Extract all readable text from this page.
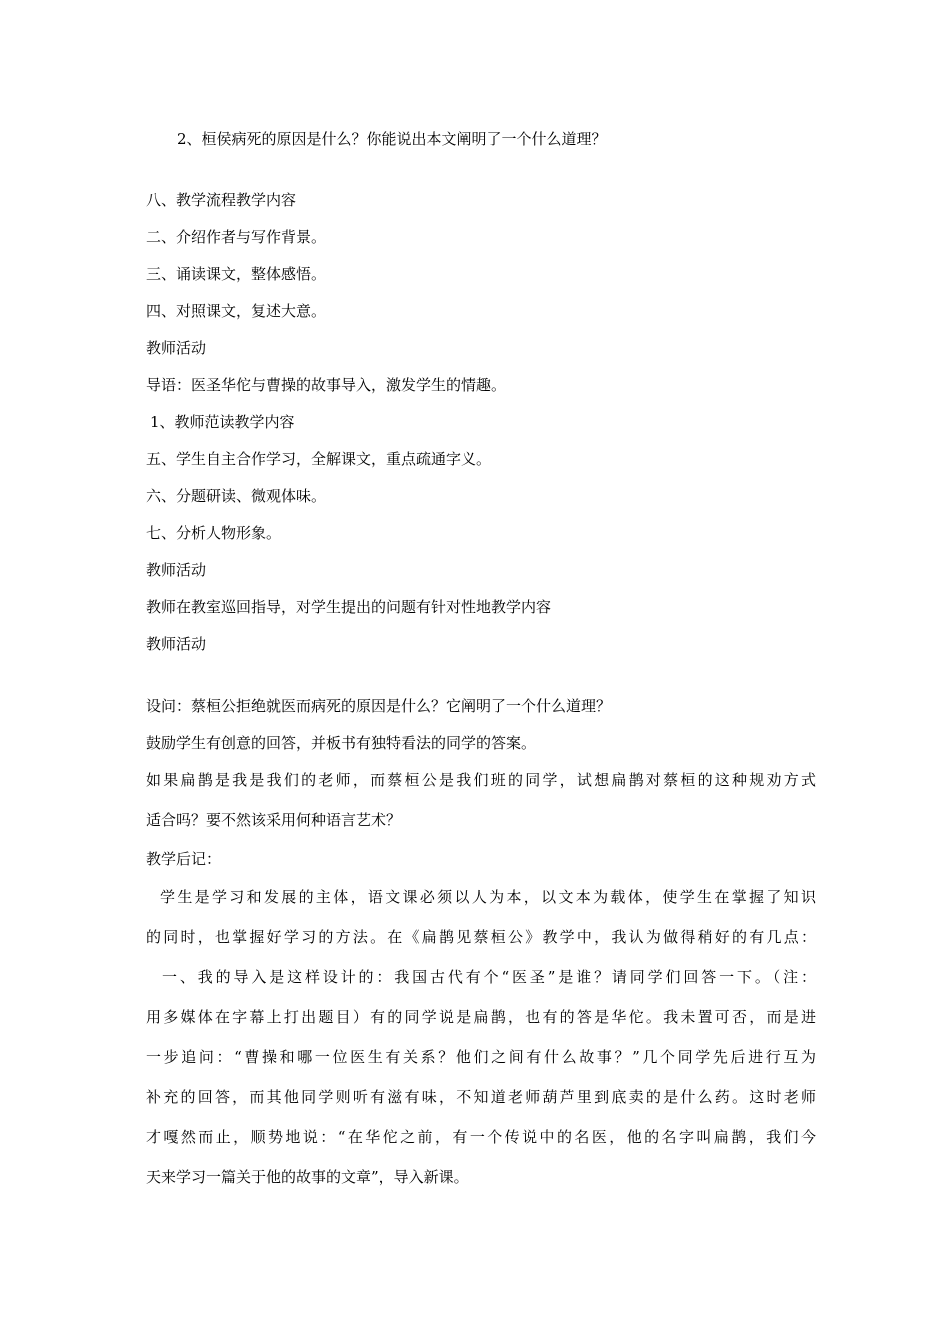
　2、桓侯病死的原因是什么？你能说出本文阐明了一个什么道理？
八、教学流程教学内容
二、介绍作者与写作背景。
三、诵读课文，整体感悟。
四、对照课文，复述大意。
教师活动
导语：医圣华佗与曹操的故事导入，激发学生的情趣。
1、教师范读教学内容
五、学生自主合作学习，全解课文，重点疏通字义。
六、分题研读、微观体味。
七、分析人物形象。
教师活动
教师在教室巡回指导，对学生提出的问题有针对性地教学内容
教师活动
设问：蔡桓公拒绝就医而病死的原因是什么？它阐明了一个什么道理？
鼓励学生有创意的回答，并板书有独特看法的同学的答案。
如果扁鹊是我是我们的老师，而蔡桓公是我们班的同学，试想扁鹊对蔡桓的这种规劝方式
适合吗？要不然该采用何种语言艺术？
教学后记：
学生是学习和发展的主体，语文课必须以人为本，以文本为载体，使学生在掌握了知识
的同时，也掌握好学习的方法。在《扁鹊见蔡桓公》教学中，我认为做得稍好的有几点：
一、我的导入是这样设计的：我国古代有个“医圣”是谁？请同学们回答一下。（注：
用多媒体在字幕上打出题目）有的同学说是扁鹊，也有的答是华佗。我未置可否，而是进
一步追问：“曹操和哪一位医生有关系？他们之间有什么故事？”几个同学先后进行互为
补充的回答，而其他同学则听有滋有味，不知道老师葫芦里到底卖的是什么药。这时老师
才嘎然而止，顺势地说：“在华佗之前，有一个传说中的名医，他的名字叫扁鹊，我们今
天来学习一篇关于他的故事的文章”，导入新课。
